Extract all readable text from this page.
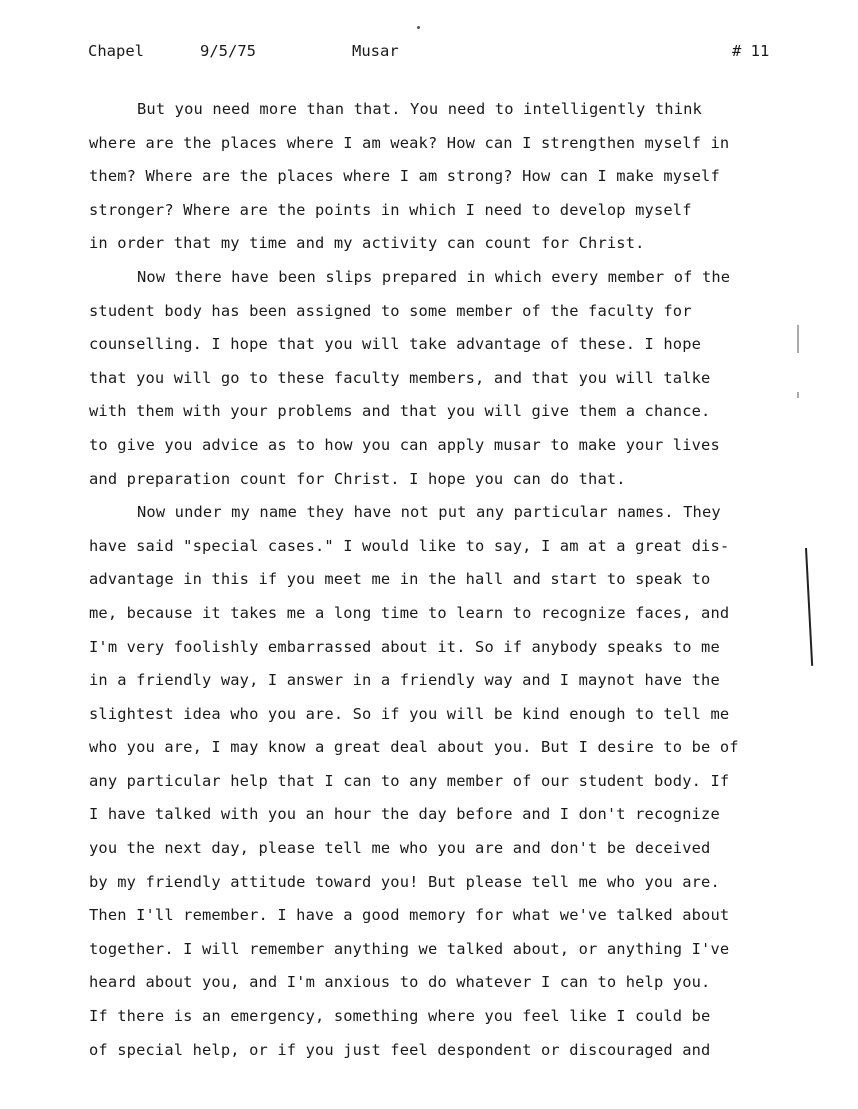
Chapel	9/5/75	Musar	# 11
But you need more than that. You need to intelligently think
where are the places where I am weak? How can I strengthen myself in
them? Where are the places where I am strong? How can I make myself
stronger? Where are the points in which I need to develop myself
in order that my time and my activity can count for Christ.
Now there have been slips prepared in which every member of the
student body has been assigned to some member of the faculty for
counselling. I hope that you will take advantage of these. I hope
that you will go to these faculty members, and that you will talke
with them with your problems and that you will give them a chance.
to give you advice as to how you can apply musar to make your lives
and preparation count for Christ. I hope you can do that.
Now under my name they have not put any particular names. They
have said "special cases." I would like to say, I am at a great dis-
advantage in this if you meet me in the hall and start to speak to
me, because it takes me a long time to learn to recognize faces, and
I'm very foolishly embarrassed about it. So if anybody speaks to me
in a friendly way, I answer in a friendly way and I maynot have the
slightest idea who you are. So if you will be kind enough to tell me
who you are, I may know a great deal about you. But I desire to be of
any particular help that I can to any member of our student body. If
I have talked with you an hour the day before and I don't recognize
you the next day, please tell me who you are and don't be deceived
by my friendly attitude toward you! But please tell me who you are.
Then I'll remember. I have a good memory for what we've talked about
together. I will remember anything we talked about, or anything I've
heard about you, and I'm anxious to do whatever I can to help you.
If there is an emergency, something where you feel like I could be
of special help, or if you just feel despondent or discouraged and
